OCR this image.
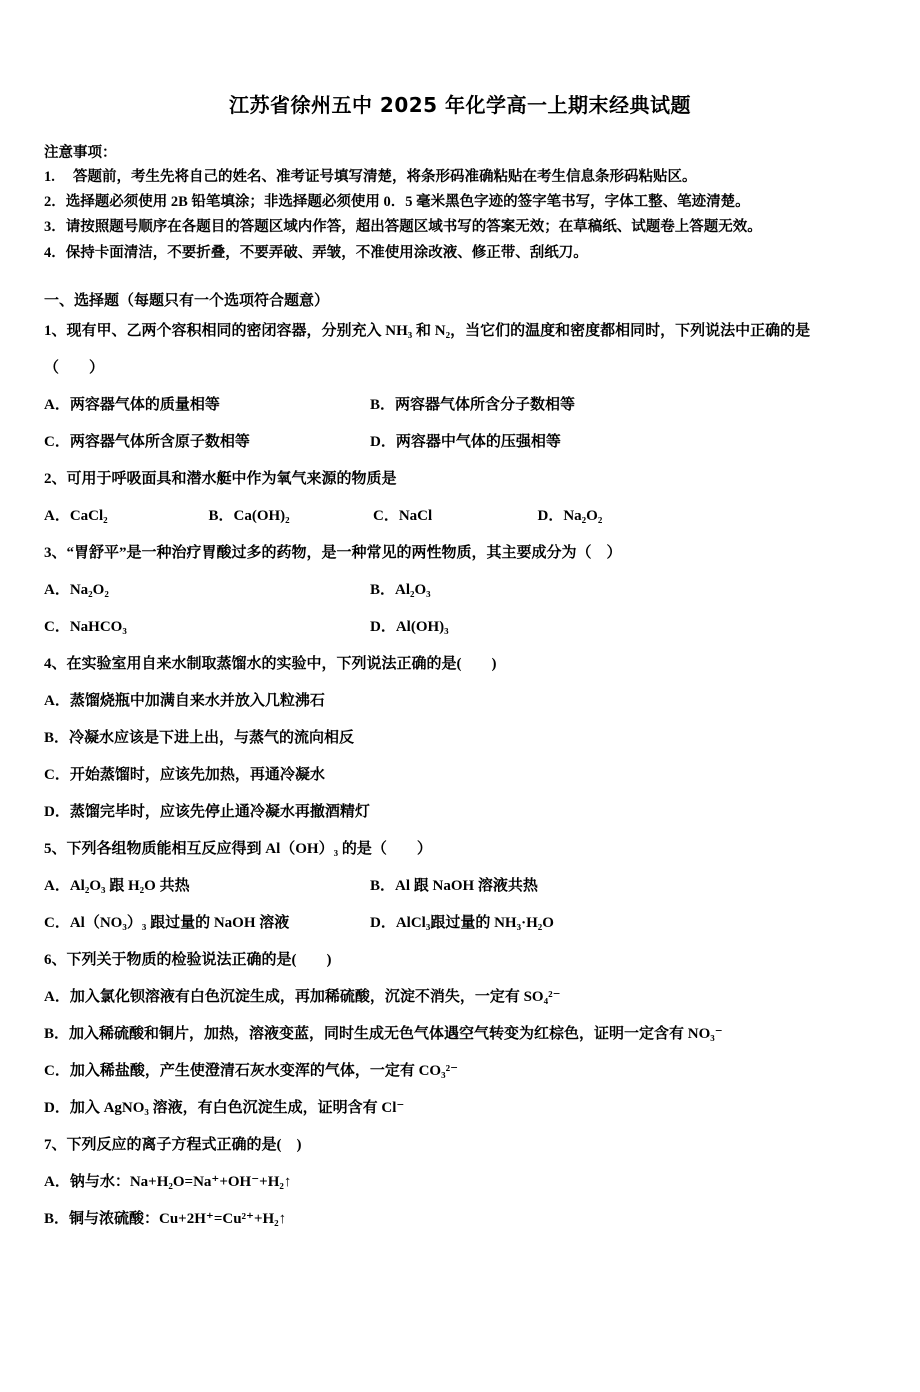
江苏省徐州五中 2025 年化学高一上期末经典试题
注意事项：
1.　 答题前，考生先将自己的姓名、准考证号填写清楚，将条形码准确粘贴在考生信息条形码粘贴区。
2．选择题必须使用 2B 铅笔填涂；非选择题必须使用 0．5 毫米黑色字迹的签字笔书写，字体工整、笔迹清楚。
3．请按照题号顺序在各题目的答题区域内作答，超出答题区域书写的答案无效；在草稿纸、试题卷上答题无效。
4．保持卡面清洁，不要折叠，不要弄破、弄皱，不准使用涂改液、修正带、刮纸刀。
一、选择题（每题只有一个选项符合题意）
1、现有甲、乙两个容积相同的密闭容器，分别充入 NH₃ 和 N₂，当它们的温度和密度都相同时，下列说法中正确的是
（　　）
A．两容器气体的质量相等	B．两容器气体所含分子数相等
C．两容器气体所含原子数相等	D．两容器中气体的压强相等
2、可用于呼吸面具和潜水艇中作为氧气来源的物质是
A．CaCl₂	B．Ca(OH)₂	C．NaCl	D．Na₂O₂
3、“胃舒平”是一种治疗胃酸过多的药物，是一种常见的两性物质，其主要成分为（　）
A．Na₂O₂	B．Al₂O₃
C．NaHCO₃	D．Al(OH)₃
4、在实验室用自来水制取蒸馏水的实验中，下列说法正确的是(　　)
A．蒸馏烧瓶中加满自来水并放入几粒沸石
B．冷凝水应该是下进上出，与蒸气的流向相反
C．开始蒸馏时，应该先加热，再通冷凝水
D．蒸馏完毕时，应该先停止通冷凝水再撤酒精灯
5、下列各组物质能相互反应得到 Al（OH）₃ 的是（　　）
A．Al₂O₃ 跟 H₂O 共热	B．Al 跟 NaOH 溶液共热
C．Al（NO₃）₃ 跟过量的 NaOH 溶液	D．AlCl₃跟过量的 NH₃·H₂O
6、下列关于物质的检验说法正确的是(　　)
A．加入氯化钡溶液有白色沉淀生成，再加稀硫酸，沉淀不消失，一定有 SO₄²⁻
B．加入稀硫酸和铜片，加热，溶液变蓝，同时生成无色气体遇空气转变为红棕色，证明一定含有 NO₃⁻
C．加入稀盐酸，产生使澄清石灰水变浑的气体，一定有 CO₃²⁻
D．加入 AgNO₃ 溶液，有白色沉淀生成，证明含有 Cl⁻
7、下列反应的离子方程式正确的是(　)
A．钠与水：Na+H₂O=Na⁺+OH⁻+H₂↑
B．铜与浓硫酸：Cu+2H⁺=Cu²⁺+H₂↑
